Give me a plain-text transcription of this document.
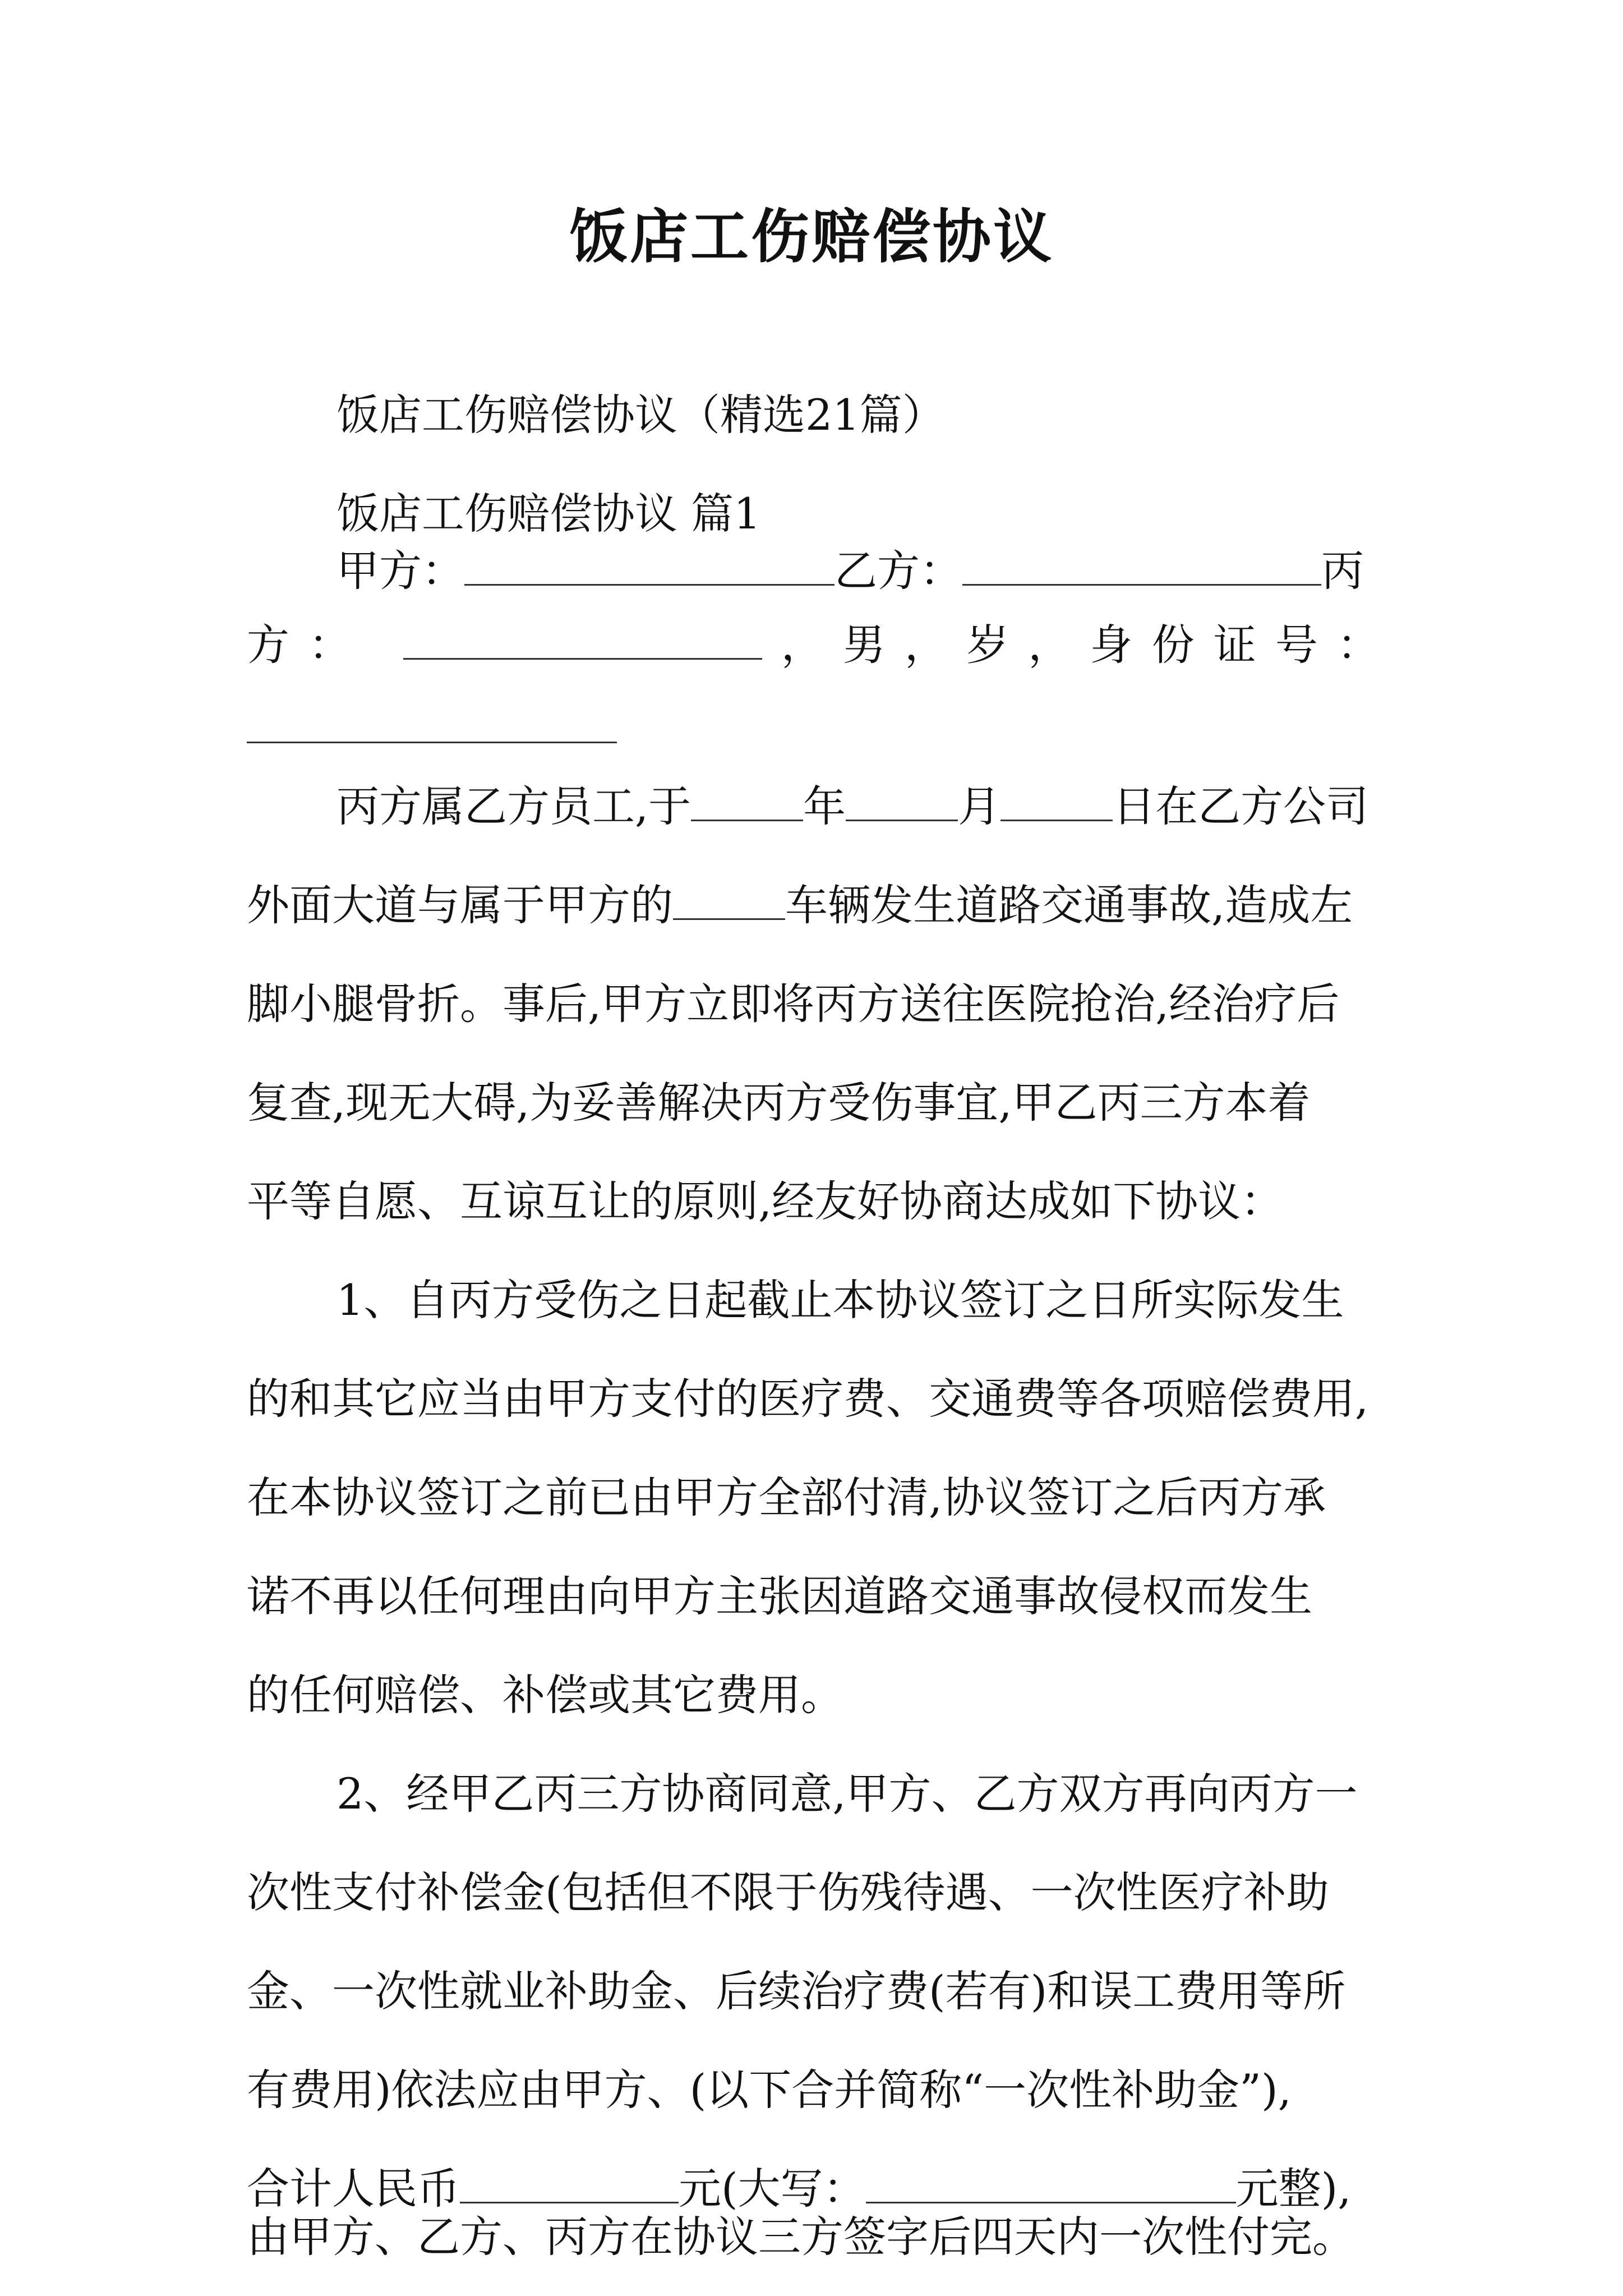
饭店工伤赔偿协议
饭店工伤赔偿协议（精选21篇）
饭店工伤赔偿协议 篇1
甲方：	乙方：	丙
方：	，男，岁，身份证号：
丙方属乙方员工,于	年	月	日在乙方公司
外面大道与属于甲方的	车辆发生道路交通事故,造成左
脚小腿骨折。事后,甲方立即将丙方送往医院抢治,经治疗后
复查,现无大碍,为妥善解决丙方受伤事宜,甲乙丙三方本着
平等自愿、互谅互让的原则,经友好协商达成如下协议：
1、自丙方受伤之日起截止本协议签订之日所实际发生
的和其它应当由甲方支付的医疗费、交通费等各项赔偿费用,
在本协议签订之前已由甲方全部付清,协议签订之后丙方承
诺不再以任何理由向甲方主张因道路交通事故侵权而发生
的任何赔偿、补偿或其它费用。
2、经甲乙丙三方协商同意,甲方、乙方双方再向丙方一
次性支付补偿金(包括但不限于伤残待遇、一次性医疗补助
金、一次性就业补助金、后续治疗费(若有)和误工费用等所
有费用)依法应由甲方、(以下合并简称“一次性补助金”),
合计人民币	元(大写：	元整),
由甲方、乙方、丙方在协议三方签字后四天内一次性付完。
